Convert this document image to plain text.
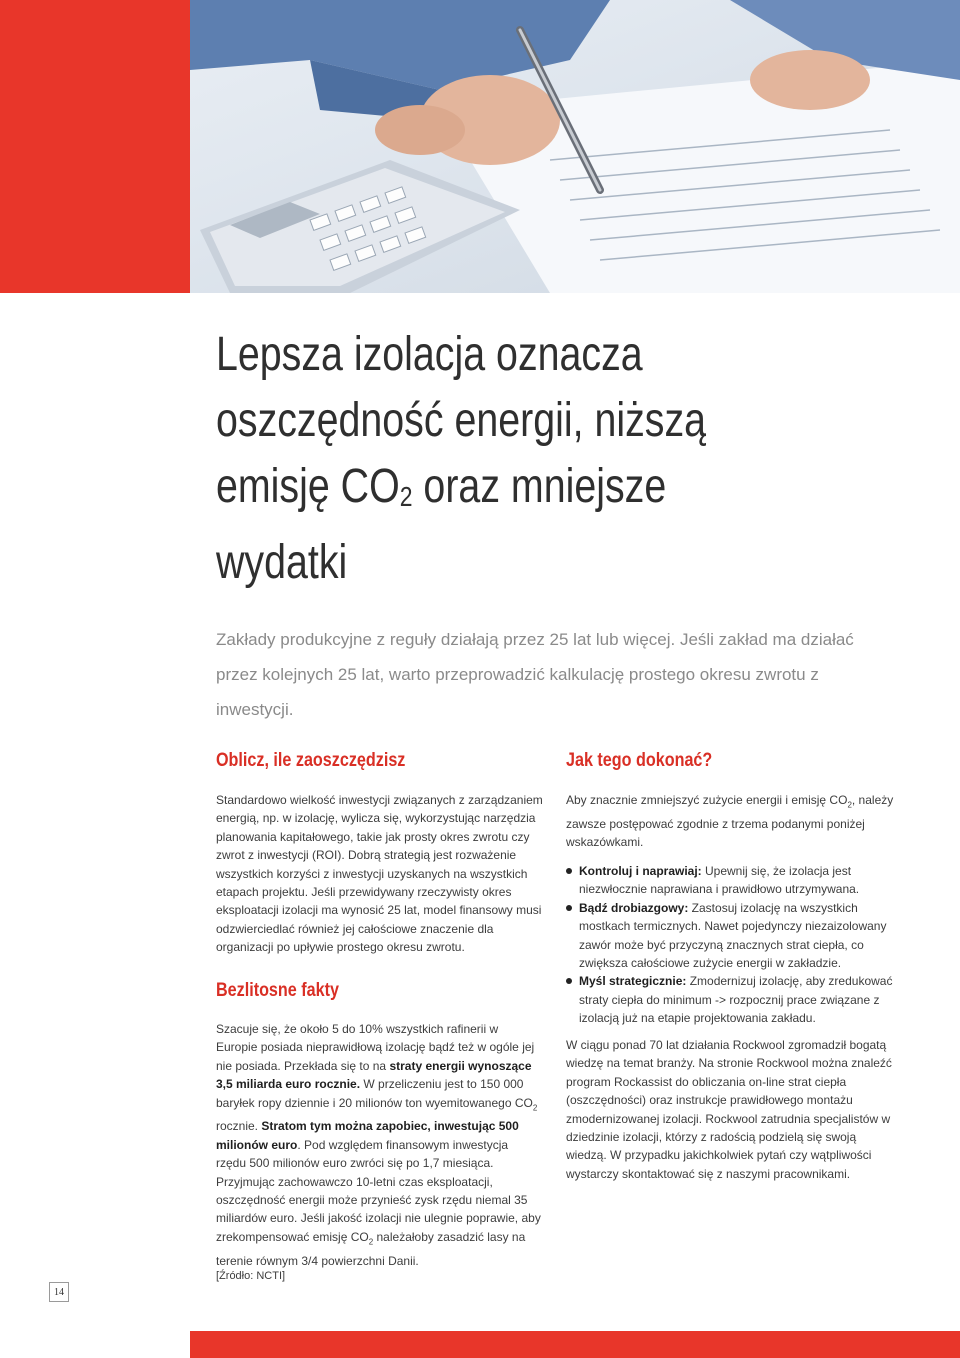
Lepsza izolacja oznacza
oszczędność energii, niższą
emisję $CO_2$ oraz mniejsze
wydatki

Zakłady produkcyjne z reguły działają przez 25 lat lub więcej. Jeśli zakład ma działać przez kolejnych 25 lat, warto przeprowadzić kalkulację prostego okresu zwrotu z inwestycji.

Oblicz, ile zaoszczędzisz

Standardowo wielkość inwestycji związanych z zarządzaniem energią, np. w izolację, wylicza się, wykorzystując narzędzia planowania kapitałowego, takie jak prosty okres zwrotu czy zwrot z inwestycji (ROI). Dobrą strategią jest rozważenie wszystkich korzyści z inwestycji uzyskanych na wszystkich etapach projektu. Jeśli przewidywany rzeczywisty okres eksploatacji izolacji ma wynosić 25 lat, model finansowy musi odzwierciedlać również jej całościowe znaczenie dla organizacji po upływie prostego okresu zwrotu.

Bezlitosne fakty

Szacuje się, że około 5 do 10% wszystkich rafinerii w Europie posiada nieprawidłową izolację bądź też w ogóle jej nie posiada. Przekłada się to na straty energii wynoszące 3,5 miliarda euro rocznie. W przeliczeniu jest to 150 000 baryłek ropy dziennie i 20 milionów ton wyemitowanego $CO_2$ rocznie. Stratom tym można zapobiec, inwestując 500 milionów euro. Pod względem finansowym inwestycja rzędu 500 milionów euro zwróci się po 1,7 miesiąca. Przyjmując zachowawczo 10-letni czas eksploatacji, oszczędność energii może przynieść zysk rzędu niemal 35 miliardów euro. Jeśli jakość izolacji nie ulegnie poprawie, aby zrekompensować emisję $CO_2$ należałoby zasadzić lasy na terenie równym 3/4 powierzchni Danii.

[Źródło: NCTI]

Jak tego dokonać?

Aby znacznie zmniejszyć zużycie energii i emisję $CO_2$, należy zawsze postępować zgodnie z trzema podanymi poniżej wskazówkami.

Kontroluj i naprawiaj: Upewnij się, że izolacja jest niezwłocznie naprawiana i prawidłowo utrzymywana.
Bądź drobiazgowy: Zastosuj izolację na wszystkich mostkach termicznych. Nawet pojedynczy niezaizolowany zawór może być przyczyną znacznych strat ciepła, co zwiększa całościowe zużycie energii w zakładzie.
Myśl strategicznie: Zmodernizuj izolację, aby zredukować straty ciepła do minimum -> rozpocznij prace związane z izolacją już na etapie projektowania zakładu.

W ciągu ponad 70 lat działania Rockwool zgromadził bogatą wiedzę na temat branży. Na stronie Rockwool można znaleźć program Rockassist do obliczania on-line strat ciepła (oszczędności) oraz instrukcje prawidłowego montażu zmodernizowanej izolacji. Rockwool zatrudnia specjalistów w dziedzinie izolacji, którzy z radością podzielą się swoją wiedzą. W przypadku jakichkolwiek pytań czy wątpliwości wystarczy skontaktować się z naszymi pracownikami.

14
